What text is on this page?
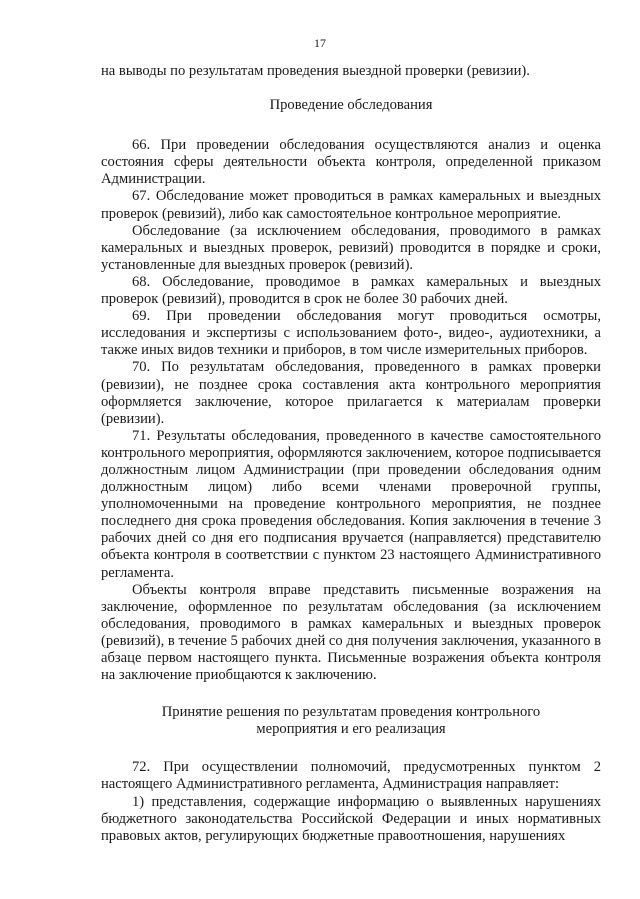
17

на выводы по результатам проведения выездной проверки (ревизии).

Проведение обследования

66. При проведении обследования осуществляются анализ и оценка состояния сферы деятельности объекта контроля, определенной приказом Администрации.

67. Обследование может проводиться в рамках камеральных и выездных проверок (ревизий), либо как самостоятельное контрольное мероприятие.

Обследование (за исключением обследования, проводимого в рамках камеральных и выездных проверок, ревизий) проводится в порядке и сроки, установленные для выездных проверок (ревизий).

68. Обследование, проводимое в рамках камеральных и выездных проверок (ревизий), проводится в срок не более 30 рабочих дней.

69. При проведении обследования могут проводиться осмотры, исследования и экспертизы с использованием фото-, видео-, аудиотехники, а также иных видов техники и приборов, в том числе измерительных приборов.

70. По результатам обследования, проведенного в рамках проверки (ревизии), не позднее срока составления акта контрольного мероприятия оформляется заключение, которое прилагается к материалам проверки (ревизии).

71. Результаты обследования, проведенного в качестве самостоятельного контрольного мероприятия, оформляются заключением, которое подписывается должностным лицом Администрации (при проведении обследования одним должностным лицом) либо всеми членами проверочной группы, уполномоченными на проведение контрольного мероприятия, не позднее последнего дня срока проведения обследования. Копия заключения в течение 3 рабочих дней со дня его подписания вручается (направляется) представителю объекта контроля в соответствии с пунктом 23 настоящего Административного регламента.

Объекты контроля вправе представить письменные возражения на заключение, оформленное по результатам обследования (за исключением обследования, проводимого в рамках камеральных и выездных проверок (ревизий), в течение 5 рабочих дней со дня получения заключения, указанного в абзаце первом настоящего пункта. Письменные возражения объекта контроля на заключение приобщаются к заключению.

Принятие решения по результатам проведения контрольного мероприятия и его реализация

72. При осуществлении полномочий, предусмотренных пунктом 2 настоящего Административного регламента, Администрация направляет:

1) представления, содержащие информацию о выявленных нарушениях бюджетного законодательства Российской Федерации и иных нормативных правовых актов, регулирующих бюджетные правоотношения, нарушениях
